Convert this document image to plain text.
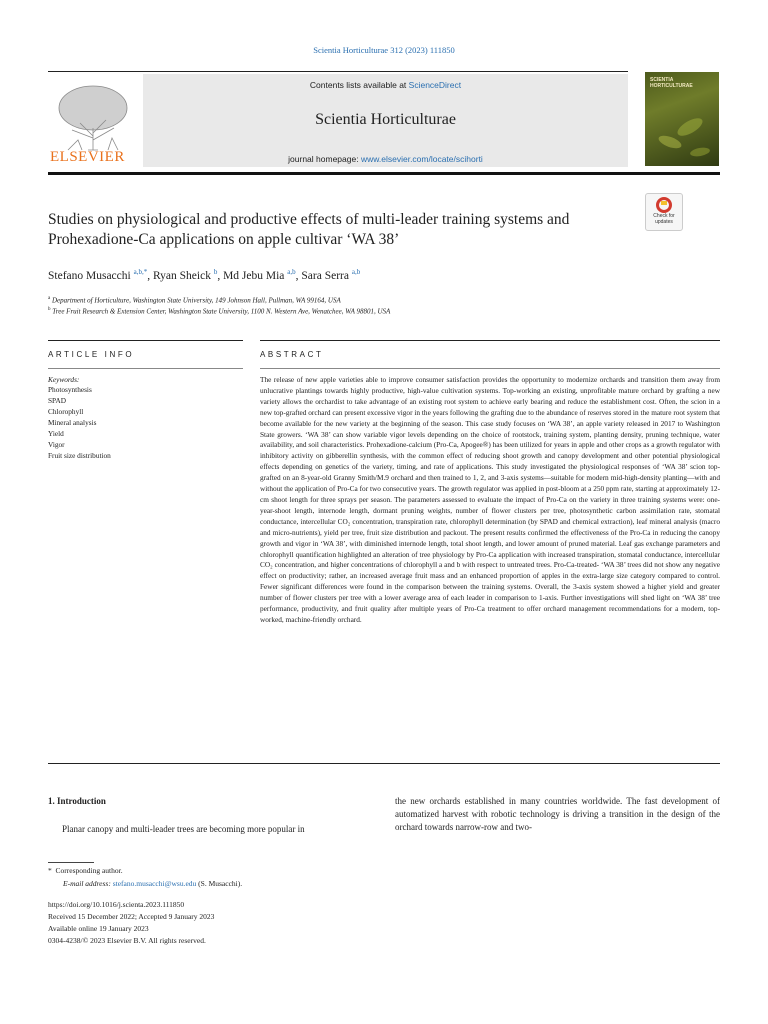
Scientia Horticulturae 312 (2023) 111850
ELSEVIER
Contents lists available at ScienceDirect
Scientia Horticulturae
journal homepage: www.elsevier.com/locate/scihorti
SCIENTIA HORTICULTURAE
Studies on physiological and productive effects of multi-leader training systems and Prohexadione-Ca applications on apple cultivar ‘WA 38’
Check for updates
Stefano Musacchi $^{a,b,*}$, Ryan Sheick $^b$, Md Jebu Mia $^{a,b}$, Sara Serra $^{a,b}$
$^a$ Department of Horticulture, Washington State University, 149 Johnson Hall, Pullman, WA 99164, USA
$^b$ Tree Fruit Research & Extension Center, Washington State University, 1100 N. Western Ave, Wenatchee, WA 98801, USA
ARTICLE INFO	ABSTRACT
Keywords:
Photosynthesis
SPAD
Chlorophyll
Mineral analysis
Yield
Vigor
Fruit size distribution

The release of new apple varieties able to improve consumer satisfaction provides the opportunity to modernize orchards and transition them away from unlucrative plantings towards highly productive, high-value cultivation systems. Top-working an existing, unprofitable mature orchard by grafting a new variety allows the orchardist to take advantage of an existing root system to achieve early bearing and reduce the establishment cost. Often, the scion in a new top-grafted orchard can present excessive vigor in the years following the grafting due to the abundance of reserves stored in the mature root system that become available for the new variety at the beginning of the season. This case study focuses on ‘WA 38’, an apple variety released in 2017 to Washington State growers. ‘WA 38’ can show variable vigor levels depending on the choice of rootstock, training system, planting density, pruning technique, water availability, and soil characteristics. Prohexadione-calcium (Pro-Ca, Apogee®) has been utilized for years in apple and other crops as a growth regulator with inhibitory activity on gibberellin synthesis, with the common effect of reducing shoot growth and canopy development and other potential physiological effects depending on genetics of the variety, timing, and rate of applications. This study investigated the physiological responses of ‘WA 38’ scion top-grafted on an 8-year-old Granny Smith/M.9 orchard and then trained to 1, 2, and 3-axis systems—suitable for modern mid-high-density planting—with and without the application of Pro-Ca for two consecutive years. The growth regulator was applied in post-bloom at a 250 ppm rate, starting at approximately 12-cm shoot length for three sprays per season. The parameters assessed to evaluate the impact of Pro-Ca on the variety in three training systems were: one-year-shoot length, internode length, dormant pruning weights, number of flower clusters per tree, photosynthetic carbon assimilation rate, stomatal conductance, intercellular CO₂ concentration, transpiration rate, chlorophyll determination (by SPAD and chemical extraction), leaf mineral analysis (macro and micro-nutrients), yield per tree, fruit size distribution and packout. The present results confirmed the effectiveness of the Pro-Ca in reducing the canopy growth and vigor in ‘WA 38’, with diminished internode length, total shoot length, and lower amount of pruned material. Leaf gas exchange parameters and chlorophyll quantification highlighted an alteration of tree physiology by Pro-Ca application with increased transpiration, stomatal conductance, intercellular CO₂ concentration, and higher concentrations of chlorophyll a and b with respect to untreated trees. Pro-Ca-treated- ‘WA 38’ trees did not show any negative effect on productivity; rather, an increased average fruit mass and an enhanced proportion of apples in the extra-large size category compared to control. Fewer significant differences were found in the comparison between the training systems. Overall, the 3-axis system showed a higher yield and greater number of flower clusters per tree with a lower average area of each leader in comparison to 1-axis. Further investigations will shed light on ‘WA 38’ tree performance, productivity, and fruit quality after multiple years of Pro-Ca treatment to offer orchard management recommendations for a modern, top-worked, machine-friendly orchard.

1. Introduction

Planar canopy and multi-leader trees are becoming more popular in

the new orchards established in many countries worldwide. The fast development of automatized harvest with robotic technology is driving a transition in the design of the orchard towards narrow-row and two-

* Corresponding author.
E-mail address: stefano.musacchi@wsu.edu (S. Musacchi).
https://doi.org/10.1016/j.scienta.2023.111850
Received 15 December 2022; Accepted 9 January 2023
Available online 19 January 2023
0304-4238/© 2023 Elsevier B.V. All rights reserved.
